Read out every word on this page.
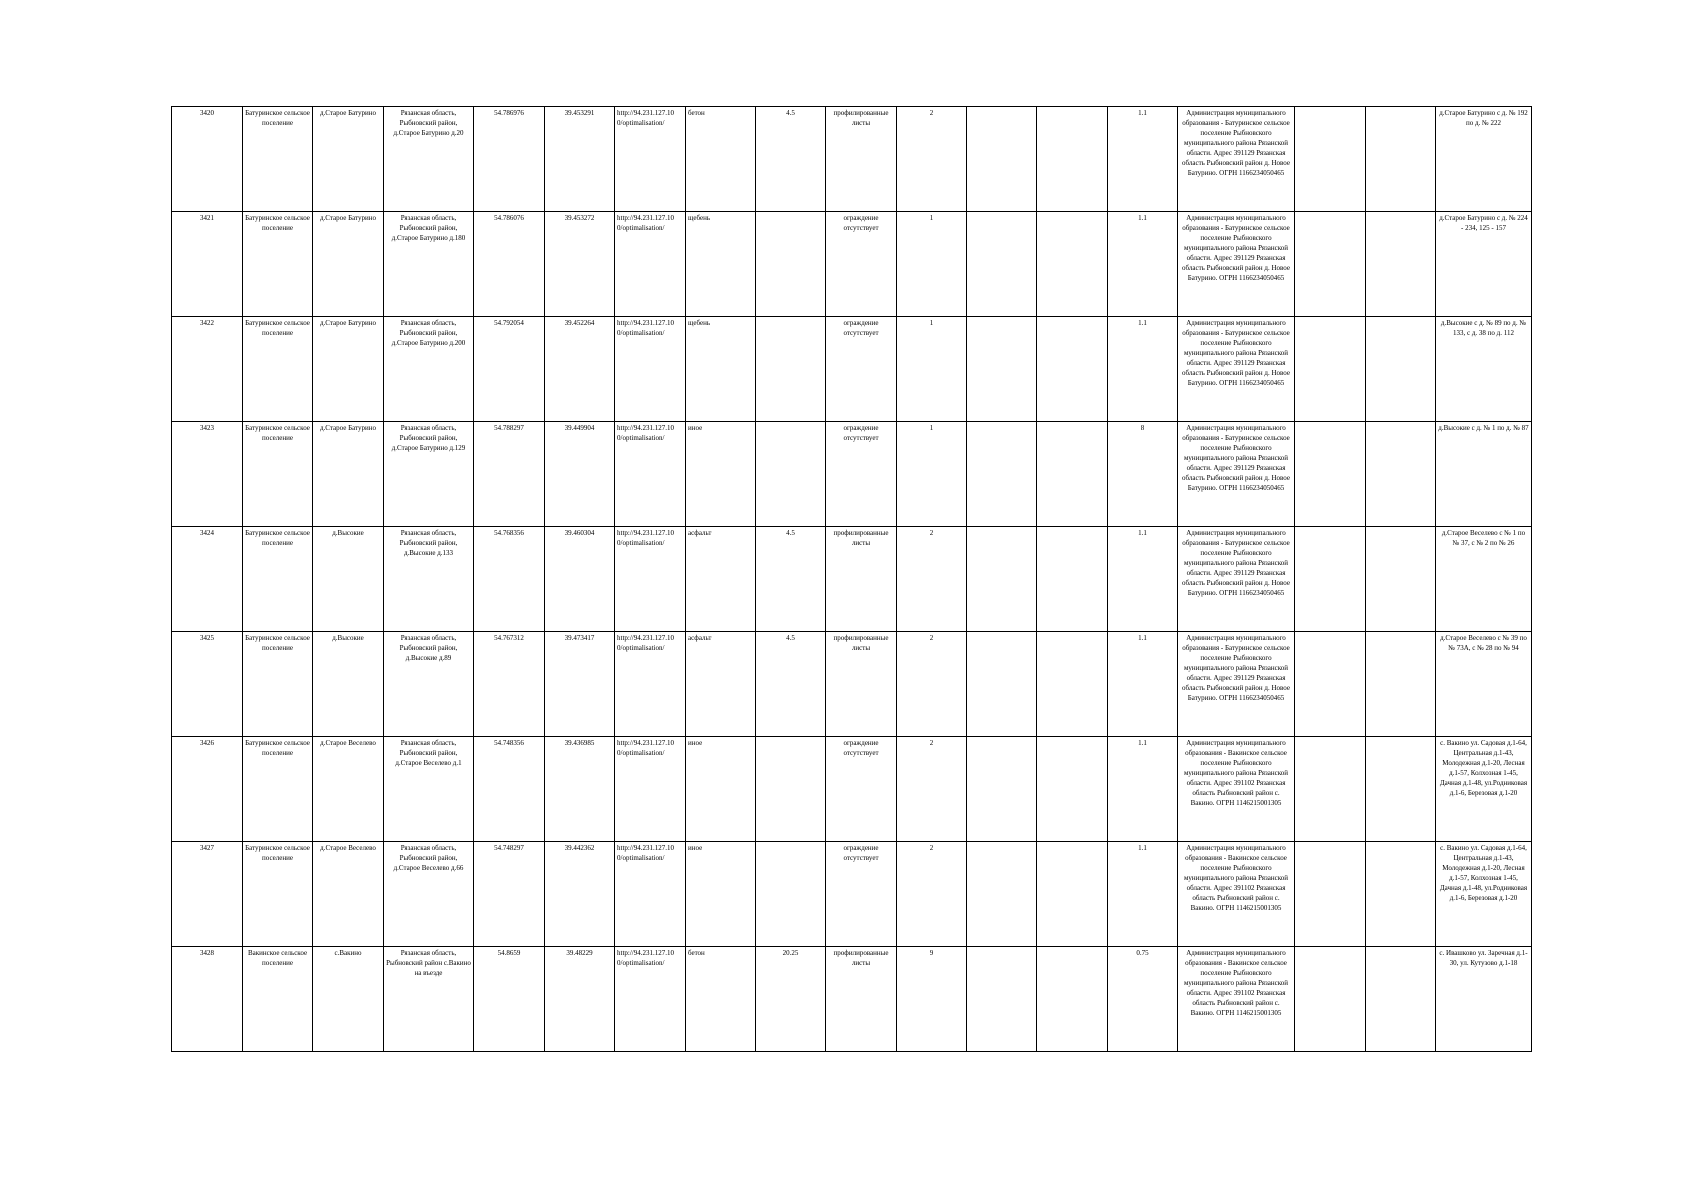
3420	Батуринское сельское поселение	д.Старое Батурино	Рязанская область, Рыбновский район, д.Старое Батурино д.20	54.786976	39.453291	http://94.231.127.10 0/optimalisation/	бетон	4.5	профилированные листы	2			1.1	Администрация муниципального образования - Батуринское сельское поселение Рыбновского муниципального района Рязанской области. Адрес 391129 Рязанская область Рыбновский район д. Новое Батурино. ОГРН 1166234050465			д.Старое Батурино с д. № 192 по д. № 222
3421	Батуринское сельское поселение	д.Старое Батурино	Рязанская область, Рыбновский район, д.Старое Батурино д.180	54.786076	39.453272	http://94.231.127.10 0/optimalisation/	щебень		ограждение отсутствует	1			1.1	Администрация муниципального образования - Батуринское сельское поселение Рыбновского муниципального района Рязанской области. Адрес 391129 Рязанская область Рыбновский район д. Новое Батурино. ОГРН 1166234050465			д.Старое Батурино с д. № 224 - 234, 125 - 157
3422	Батуринское сельское поселение	д.Старое Батурино	Рязанская область, Рыбновский район, д.Старое Батурино д.200	54.792054	39.452264	http://94.231.127.10 0/optimalisation/	щебень		ограждение отсутствует	1			1.1	Администрация муниципального образования - Батуринское сельское поселение Рыбновского муниципального района Рязанской области. Адрес 391129 Рязанская область Рыбновский район д. Новое Батурино. ОГРН 1166234050465			д.Высокие с д. № 89 по д. № 133, с д. 38 по д. 112
3423	Батуринское сельское поселение	д.Старое Батурино	Рязанская область, Рыбновский район, д.Старое Батурино д.129	54.788297	39.449904	http://94.231.127.10 0/optimalisation/	иное		ограждение отсутствует	1			8	Администрация муниципального образования - Батуринское сельское поселение Рыбновского муниципального района Рязанской области. Адрес 391129 Рязанская область Рыбновский район д. Новое Батурино. ОГРН 1166234050465			д.Высокие с д. № 1 по д. № 87
3424	Батуринское сельское поселение	д.Высокие	Рязанская область, Рыбновский район, д.Высокие д.133	54.768356	39.460304	http://94.231.127.10 0/optimalisation/	асфальт	4.5	профилированные листы	2			1.1	Администрация муниципального образования - Батуринское сельское поселение Рыбновского муниципального района Рязанской области. Адрес 391129 Рязанская область Рыбновский район д. Новое Батурино. ОГРН 1166234050465			д.Старое Веселево с № 1 по № 37, с № 2 по № 26
3425	Батуринское сельское поселение	д.Высокие	Рязанская область, Рыбновский район, д.Высокие д.89	54.767312	39.473417	http://94.231.127.10 0/optimalisation/	асфальт	4.5	профилированные листы	2			1.1	Администрация муниципального образования - Батуринское сельское поселение Рыбновского муниципального района Рязанской области. Адрес 391129 Рязанская область Рыбновский район д. Новое Батурино. ОГРН 1166234050465			д.Старое Веселево с № 39 по № 73А, с № 28 по № 94
3426	Батуринское сельское поселение	д.Старое Веселево	Рязанская область, Рыбновский район, д.Старое Веселево д.1	54.748356	39.436985	http://94.231.127.10 0/optimalisation/	иное		ограждение отсутствует	2			1.1	Администрация муниципального образования - Вакинское сельское поселение Рыбновского муниципального района Рязанской области. Адрес 391102 Рязанская область Рыбновский район с. Вакино. ОГРН 1146215001305			с. Вакино ул. Садовая д.1-64, Центральная д.1-43, Молодежная д.1-20, Лесная д.1-57, Колхозная 1-45, Дачная д.1-48, ул.Родниковая д.1-6, Березовая д.1-20
3427	Батуринское сельское поселение	д.Старое Веселево	Рязанская область, Рыбновский район, д.Старое Веселево д.66	54.748297	39.442362	http://94.231.127.10 0/optimalisation/	иное		ограждение отсутствует	2			1.1	Администрация муниципального образования - Вакинское сельское поселение Рыбновского муниципального района Рязанской области. Адрес 391102 Рязанская область Рыбновский район с. Вакино. ОГРН 1146215001305			с. Вакино ул. Садовая д.1-64, Центральная д.1-43, Молодежная д.1-20, Лесная д.1-57, Колхозная 1-45, Дачная д.1-48, ул.Родниковая д.1-6, Березовая д.1-20
3428	Вакинское сельское поселение	с.Вакино	Рязанская область, Рыбновский район с.Вакино на въезде	54.8659	39.48229	http://94.231.127.10 0/optimalisation/	бетон	20.25	профилированные листы	9			0.75	Администрация муниципального образования - Вакинское сельское поселение Рыбновского муниципального района Рязанской области. Адрес 391102 Рязанская область Рыбновский район с. Вакино. ОГРН 1146215001305			с. Ивашково ул. Заречная д.1-30, ул. Кутузово д.1-18
